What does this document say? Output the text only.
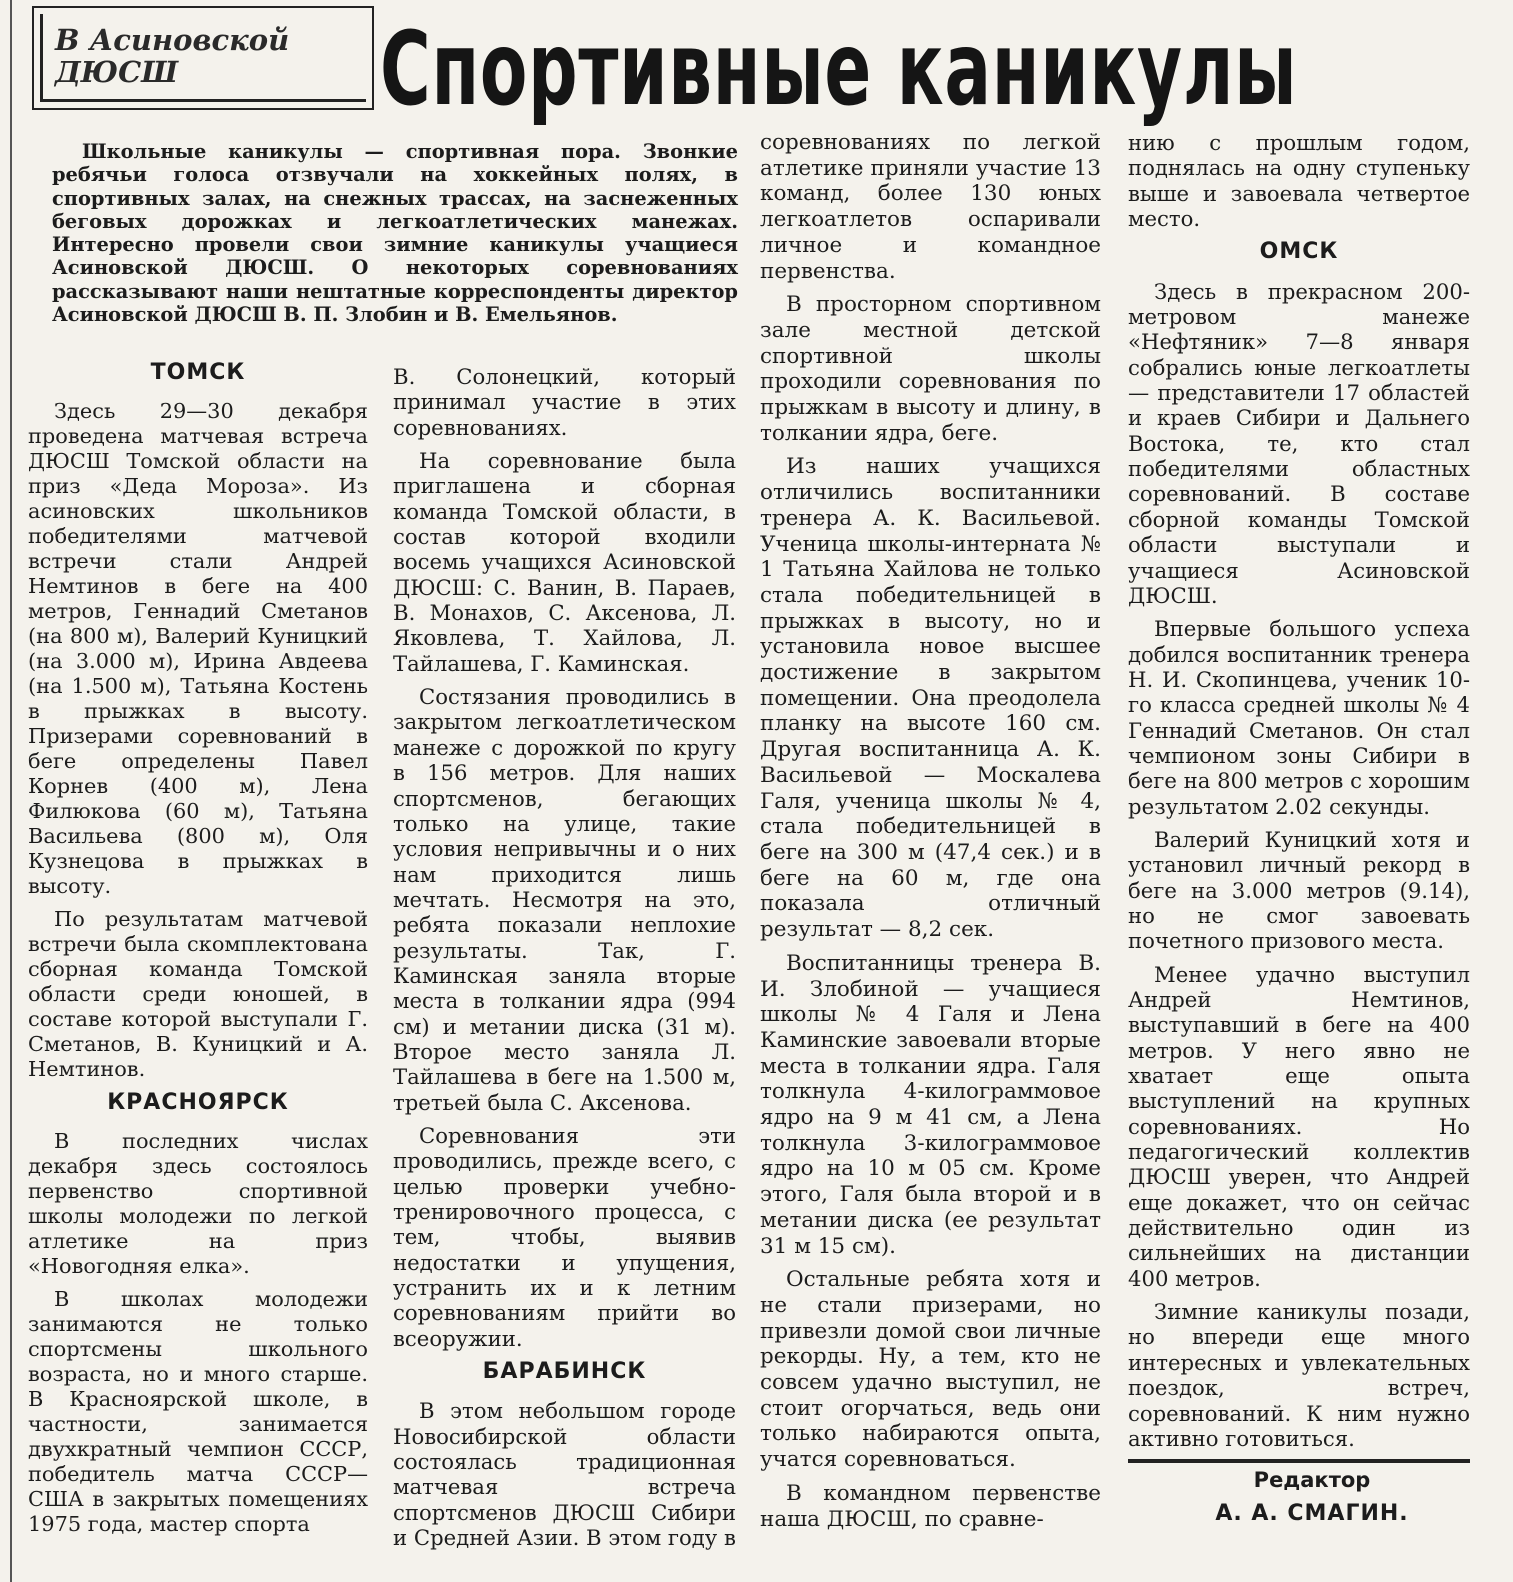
В Асиновской
ДЮСШ	Спортивные каникулы
Школьные каникулы — спортивная пора. Звонкие ребячьи голоса отзвучали на хоккейных полях, в спортивных залах, на снежных трассах, на заснеженных беговых дорожках и легкоатлетических манежах. Интересно провели свои зимние каникулы учащиеся Асиновской ДЮСШ. О некоторых соревнованиях рассказывают наши нештатные корреспонденты директор Асиновской ДЮСШ В. П. Злобин и В. Емельянов.
ТОМСК

Здесь 29—30 декабря проведена матчевая встреча ДЮСШ Томской области на приз «Деда Мороза». Из асиновских школьников победителями матчевой встречи стали Андрей Немтинов в беге на 400 метров, Геннадий Сметанов (на 800 м), Валерий Куницкий (на 3.000 м), Ирина Авдеева (на 1.500 м), Татьяна Костень в прыжках в высоту. Призерами соревнований в беге определены Павел Корнев (400 м), Лена Филюкова (60 м), Татьяна Васильева (800 м), Оля Кузнецова в прыжках в высоту.

По результатам матчевой встречи была скомплектована сборная команда Томской области среди юношей, в составе которой выступали Г. Сметанов, В. Куницкий и А. Немтинов.

КРАСНОЯРСК

В последних числах декабря здесь состоялось первенство спортивной школы молодежи по легкой атлетике на приз «Новогодняя елка».

В школах молодежи занимаются не только спортсмены школьного возраста, но и много старше. В Красноярской школе, в частности, занимается двухкратный чемпион СССР, победитель матча СССР—США в закрытых помещениях 1975 года, мастер спорта

В. Солонецкий, который принимал участие в этих соревнованиях.

На соревнование была приглашена и сборная команда Томской области, в состав которой входили восемь учащихся Асиновской ДЮСШ: С. Ванин, В. Параев, В. Монахов, С. Аксенова, Л. Яковлева, Т. Хайлова, Л. Тайлашева, Г. Каминская.

Состязания проводились в закрытом легкоатлетическом манеже с дорожкой по кругу в 156 метров. Для наших спортсменов, бегающих только на улице, такие условия непривычны и о них нам приходится лишь мечтать. Несмотря на это, ребята показали неплохие результаты. Так, Г. Каминская заняла вторые места в толкании ядра (994 см) и метании диска (31 м). Второе место заняла Л. Тайлашева в беге на 1.500 м, третьей была С. Аксенова.

Соревнования эти проводились, прежде всего, с целью проверки учебно-тренировочного процесса, с тем, чтобы, выявив недостатки и упущения, устранить их и к летним соревнованиям прийти во всеоружии.

БАРАБИНСК

В этом небольшом городе Новосибирской области состоялась традиционная матчевая встреча спортсменов ДЮСШ Сибири и Средней Азии. В этом году в

соревнованиях по легкой атлетике приняли участие 13 команд, более 130 юных легкоатлетов оспаривали личное и командное первенства.

В просторном спортивном зале местной детской спортивной школы проходили соревнования по прыжкам в высоту и длину, в толкании ядра, беге.

Из наших учащихся отличились воспитанники тренера А. К. Васильевой. Ученица школы-интерната № 1 Татьяна Хайлова не только стала победительницей в прыжках в высоту, но и установила новое высшее достижение в закрытом помещении. Она преодолела планку на высоте 160 см. Другая воспитанница А. К. Васильевой — Москалева Галя, ученица школы № 4, стала победительницей в беге на 300 м (47,4 сек.) и в беге на 60 м, где она показала отличный результат — 8,2 сек.

Воспитанницы тренера В. И. Злобиной — учащиеся школы № 4 Галя и Лена Каминские завоевали вторые места в толкании ядра. Галя толкнула 4-килограммовое ядро на 9 м 41 см, а Лена толкнула 3-килограммовое ядро на 10 м 05 см. Кроме этого, Галя была второй и в метании диска (ее результат 31 м 15 см).

Остальные ребята хотя и не стали призерами, но привезли домой свои личные рекорды. Ну, а тем, кто не совсем удачно выступил, не стоит огорчаться, ведь они только набираются опыта, учатся соревноваться.

В командном первенстве наша ДЮСШ, по сравне-

нию с прошлым годом, поднялась на одну ступеньку выше и завоевала четвертое место.

ОМСК

Здесь в прекрасном 200-метровом манеже «Нефтяник» 7—8 января собрались юные легкоатлеты — представители 17 областей и краев Сибири и Дальнего Востока, те, кто стал победителями областных соревнований. В составе сборной команды Томской области выступали и учащиеся Асиновской ДЮСШ.

Впервые большого успеха добился воспитанник тренера Н. И. Скопинцева, ученик 10-го класса средней школы № 4 Геннадий Сметанов. Он стал чемпионом зоны Сибири в беге на 800 метров с хорошим результатом 2.02 секунды.

Валерий Куницкий хотя и установил личный рекорд в беге на 3.000 метров (9.14), но не смог завоевать почетного призового места.

Менее удачно выступил Андрей Немтинов, выступавший в беге на 400 метров. У него явно не хватает еще опыта выступлений на крупных соревнованиях. Но педагогический коллектив ДЮСШ уверен, что Андрей еще докажет, что он сейчас действительно один из сильнейших на дистанции 400 метров.

Зимние каникулы позади, но впереди еще много интересных и увлекательных поездок, встреч, соревнований. К ним нужно активно готовиться.

Редактор

А. А. СМАГИН.
